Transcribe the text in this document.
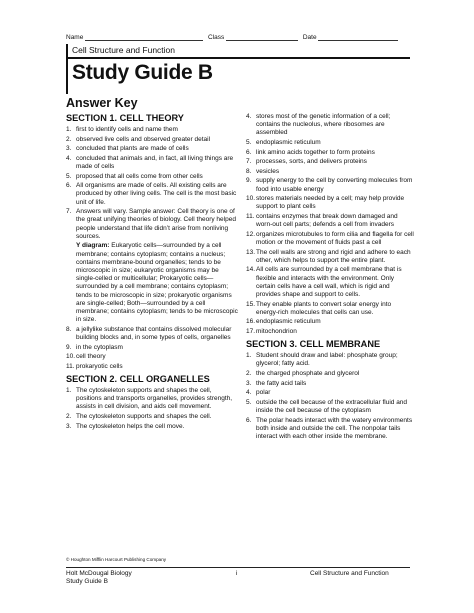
Name	Class	Date
Cell Structure and Function
Study Guide B
Answer Key
SECTION 1. CELL THEORY
1. first to identify cells and name them
2. observed live cells and observed greater detail
3. concluded that plants are made of cells
4. concluded that animals and, in fact, all living things are made of cells
5. proposed that all cells come from other cells
6. All organisms are made of cells. All existing cells are produced by other living cells. The cell is the most basic unit of life.
7. Answers will vary. Sample answer: Cell theory is one of the great unifying theories of biology. Cell theory helped people understand that life didn’t arise from nonliving sources.
Y diagram: Eukaryotic cells—surrounded by a cell membrane; contains cytoplasm; contains a nucleus; contains membrane-bound organelles; tends to be microscopic in size; eukaryotic organisms may be single-celled or multicellular; Prokaryotic cells—surrounded by a cell membrane; contains cytoplasm; tends to be microscopic in size; prokaryotic organisms are single-celled; Both—surrounded by a cell membrane; contains cytoplasm; tends to be microscopic in size.
8. a jellylike substance that contains dissolved molecular building blocks and, in some types of cells, organelles
9. in the cytoplasm
10. cell theory
11. prokaryotic cells
SECTION 2. CELL ORGANELLES
1. The cytoskeleton supports and shapes the cell, positions and transports organelles, provides strength, assists in cell division, and aids cell movement.
2. The cytoskeleton supports and shapes the cell.
3. The cytoskeleton helps the cell move.
4. stores most of the genetic information of a cell; contains the nucleolus, where ribosomes are assembled
5. endoplasmic reticulum
6. link amino acids together to form proteins
7. processes, sorts, and delivers proteins
8. vesicles
9. supply energy to the cell by converting molecules from food into usable energy
10. stores materials needed by a cell; may help provide support to plant cells
11. contains enzymes that break down damaged and worn-out cell parts; defends a cell from invaders
12. organizes microtubules to form cilia and flagella for cell motion or the movement of fluids past a cell
13. The cell walls are strong and rigid and adhere to each other, which helps to support the entire plant.
14. All cells are surrounded by a cell membrane that is flexible and interacts with the environment. Only certain cells have a cell wall, which is rigid and provides shape and support to cells.
15. They enable plants to convert solar energy into energy-rich molecules that cells can use.
16. endoplasmic reticulum
17. mitochondrion
SECTION 3. CELL MEMBRANE
1. Student should draw and label: phosphate group; glycerol; fatty acid.
2. the charged phosphate and glycerol
3. the fatty acid tails
4. polar
5. outside the cell because of the extracellular fluid and inside the cell because of the cytoplasm
6. The polar heads interact with the watery environments both inside and outside the cell. The nonpolar tails interact with each other inside the membrane.
© Houghton Mifflin Harcourt Publishing Company
Holt McDougal Biology
Study Guide B
i	Cell Structure and Function
